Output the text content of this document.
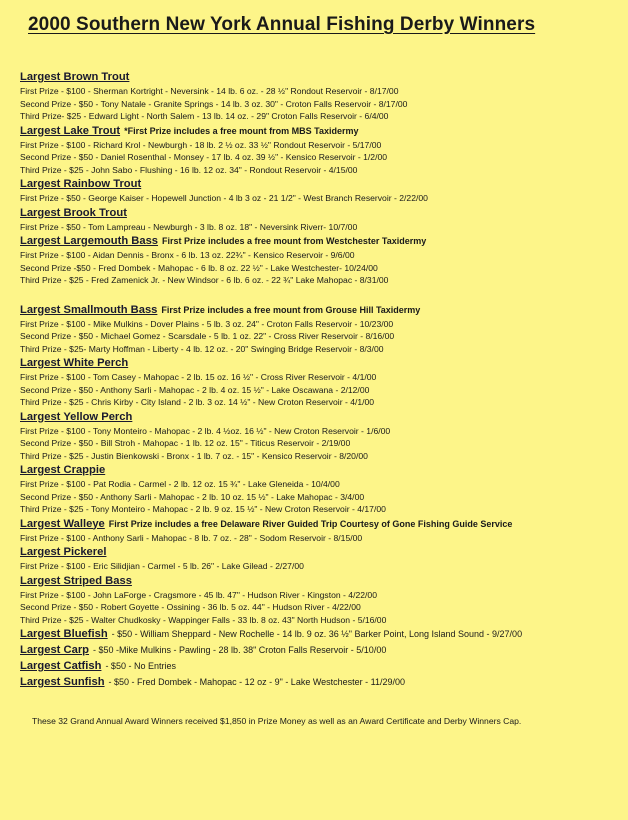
2000 Southern New York Annual Fishing Derby Winners
Largest Brown Trout
First Prize - $100 - Sherman Kortright - Neversink - 14 lb. 6 oz. - 28 ½" Rondout Reservoir - 8/17/00
Second Prize - $50 - Tony Natale - Granite Springs - 14 lb. 3 oz. 30" - Croton Falls Reservoir - 8/17/00
Third Prize- $25 - Edward Light - North Salem - 13 lb. 14 oz. - 29" Croton Falls Reservoir - 6/4/00
Largest Lake Trout *First Prize includes a free mount from MBS Taxidermy
First Prize - $100 - Richard Krol - Newburgh - 18 lb. 2 ½ oz. 33 ½" Rondout Reservoir - 5/17/00
Second Prize - $50 - Daniel Rosenthal - Monsey - 17 lb. 4 oz. 39 ½" - Kensico Reservoir - 1/2/00
Third Prize - $25 - John Sabo - Flushing - 16 lb. 12 oz. 34" - Rondout Reservoir - 4/15/00
Largest Rainbow Trout
First Prize - $50 - George Kaiser - Hopewell Junction - 4 lb 3 oz - 21 1/2" - West Branch Reservoir - 2/22/00
Largest Brook Trout
First Prize - $50 - Tom Lampreau - Newburgh - 3 lb. 8 oz. 18" - Neversink Riverr- 10/7/00
Largest Largemouth Bass First Prize includes a free mount from Westchester Taxidermy
First Prize - $100 - Aidan Dennis - Bronx - 6 lb. 13 oz. 22¾" - Kensico Reservoir - 9/6/00
Second Prize -$50 - Fred Dombek - Mahopac - 6 lb. 8 oz. 22 ½" - Lake Westchester- 10/24/00
Third Prize - $25 - Fred Zamenick Jr. - New Windsor - 6 lb. 6 oz. - 22 ¾" Lake Mahopac - 8/31/00
Largest Smallmouth Bass First Prize includes a free mount from Grouse Hill Taxidermy
First Prize - $100 - Mike Mulkins - Dover Plains - 5 lb. 3 oz. 24" - Croton Falls Reservoir - 10/23/00
Second Prize - $50 - Michael Gomez - Scarsdale - 5 lb. 1 oz. 22" - Cross River Reservoir - 8/16/00
Third Prize - $25- Marty Hoffman - Liberty - 4 lb. 12 oz. - 20" Swinging Bridge Reservoir - 8/3/00
Largest White Perch
First Prize - $100 - Tom Casey - Mahopac - 2 lb. 15 oz. 16 ½" - Cross River Reservoir - 4/1/00
Second Prize - $50 - Anthony Sarli - Mahopac - 2 lb. 4 oz. 15 ½" - Lake Oscawana - 2/12/00
Third Prize - $25 - Chris Kirby - City Island - 2 lb. 3 oz. 14 ½" - New Croton Reservoir - 4/1/00
Largest Yellow Perch
First Prize - $100 - Tony Monteiro - Mahopac - 2 lb. 4 ½oz. 16 ½" - New Croton Reservoir - 1/6/00
Second Prize - $50 - Bill Stroh - Mahopac - 1 lb. 12 oz. 15" - Titicus Reservoir - 2/19/00
Third Prize - $25 - Justin Bienkowski - Bronx - 1 lb. 7 oz. - 15" - Kensico Reservoir - 8/20/00
Largest Crappie
First Prize - $100 - Pat Rodia - Carmel - 2 lb. 12 oz. 15 ¾" - Lake Gleneida - 10/4/00
Second Prize - $50 - Anthony Sarli - Mahopac - 2 lb. 10 oz. 15 ½" - Lake Mahopac - 3/4/00
Third Prize - $25 - Tony Monteiro - Mahopac - 2 lb. 9 oz. 15 ½" - New Croton Reservoir - 4/17/00
Largest Walleye First Prize includes a free Delaware River Guided Trip Courtesy of Gone Fishing Guide Service
First Prize - $100 - Anthony Sarli - Mahopac - 8 lb. 7 oz. - 28" - Sodom Reservoir - 8/15/00
Largest Pickerel
First Prize - $100 - Eric Silidjian - Carmel - 5 lb. 26" - Lake Gilead - 2/27/00
Largest Striped Bass
First Prize - $100 - John LaForge - Cragsmore - 45 lb. 47" - Hudson River - Kingston - 4/22/00
Second Prize - $50 - Robert Goyette - Ossining - 36 lb. 5 oz. 44" - Hudson River - 4/22/00
Third Prize - $25 - Walter Chudkosky - Wappinger Falls - 33 lb. 8 oz. 43" North Hudson - 5/16/00
Largest Bluefish - $50 - William Sheppard - New Rochelle - 14 lb. 9 oz. 36 ½" Barker Point, Long Island Sound - 9/27/00
Largest Carp - $50 -Mike Mulkins - Pawling - 28 lb. 38" Croton Falls Reservoir - 5/10/00
Largest Catfish - $50 - No Entries
Largest Sunfish - $50 - Fred Dombek - Mahopac - 12 oz - 9" - Lake Westchester - 11/29/00
These 32 Grand Annual Award Winners received $1,850 in Prize Money as well as an Award Certificate and Derby Winners Cap.
